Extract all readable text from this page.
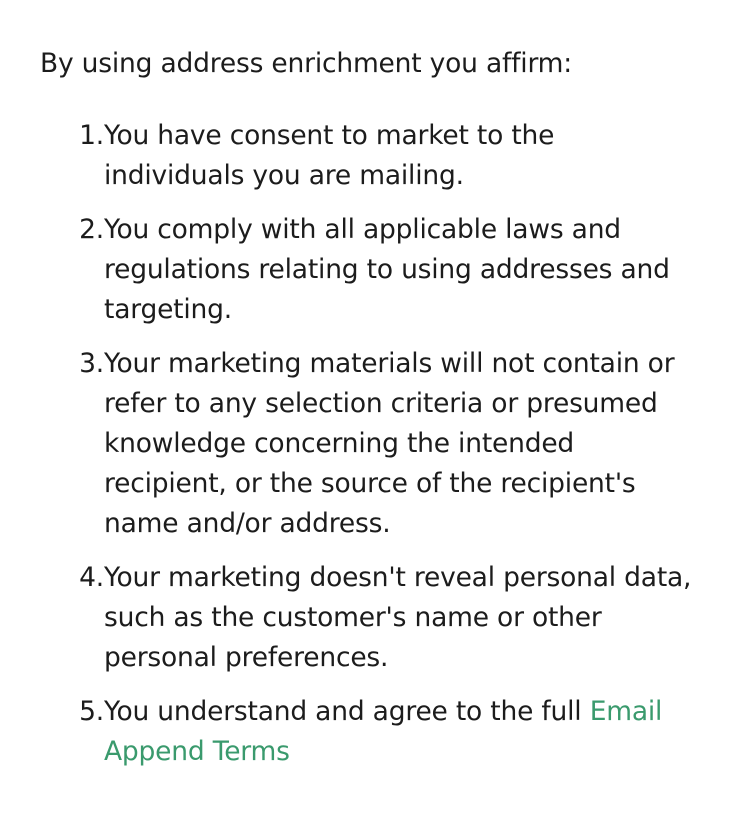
By using address enrichment you affirm:

1. You have consent to market to the individuals you are mailing.
2. You comply with all applicable laws and regulations relating to using addresses and targeting.
3. Your marketing materials will not contain or refer to any selection criteria or presumed knowledge concerning the intended recipient, or the source of the recipient's name and/or address.
4. Your marketing doesn't reveal personal data, such as the customer's name or other personal preferences.
5. You understand and agree to the full Email Append Terms
